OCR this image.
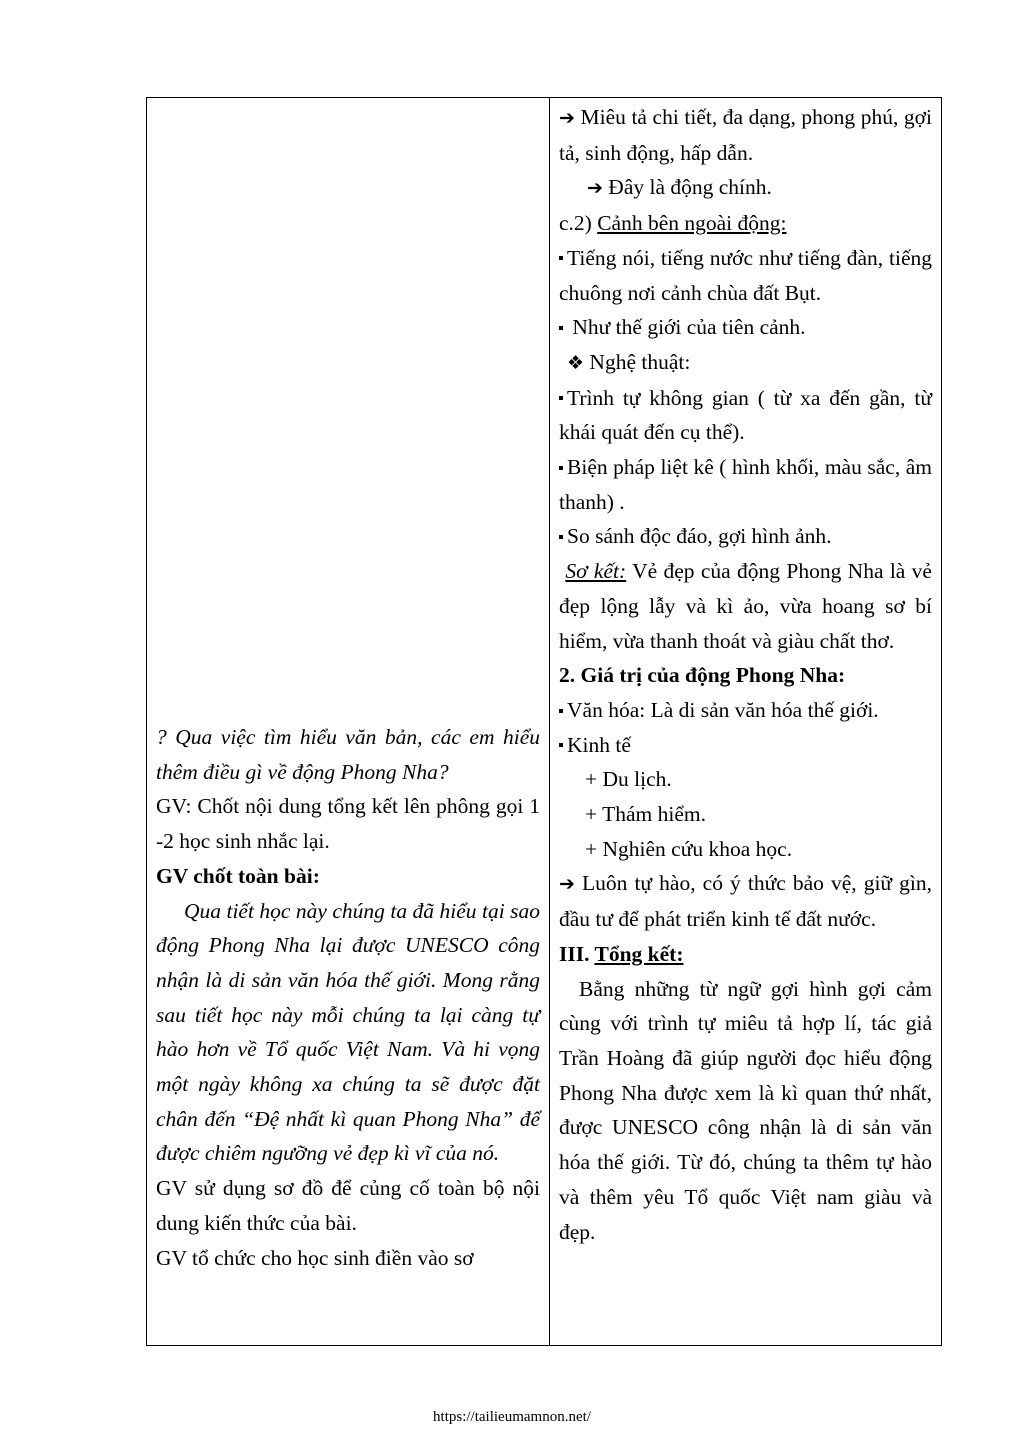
? Qua việc tìm hiểu văn bản, các em hiểu thêm điều gì về động Phong Nha?

GV: Chốt nội dung tổng kết lên phông gọi 1 -2 học sinh nhắc lại.

GV chốt toàn bài:

Qua tiết học này chúng ta đã hiểu tại sao động Phong Nha lại được UNESCO công nhận là di sản văn hóa thế giới. Mong rằng sau tiết học này mỗi chúng ta lại càng tự hào hơn về Tổ quốc Việt Nam. Và hi vọng một ngày không xa chúng ta sẽ được đặt chân đến “Đệ nhất kì quan Phong Nha” để được chiêm ngưỡng vẻ đẹp kì vĩ của nó.

GV sử dụng sơ đồ để củng cố toàn bộ nội dung kiến thức của bài.

GV tổ chức cho học sinh điền vào sơ

➔ Miêu tả chi tiết, đa dạng, phong phú, gợi tả, sinh động, hấp dẫn.

➔ Đây là động chính.

c.2) Cảnh bên ngoài động:

Tiếng nói, tiếng nước như tiếng đàn, tiếng chuông nơi cảnh chùa đất Bụt.

Như thế giới của tiên cảnh.

❖ Nghệ thuật:

Trình tự không gian ( từ xa đến gần, từ khái quát đến cụ thể).

Biện pháp liệt kê ( hình khối, màu sắc, âm thanh) .

So sánh độc đáo, gợi hình ảnh.

Sơ kết: Vẻ đẹp của động Phong Nha là vẻ đẹp lộng lẫy và kì ảo, vừa hoang sơ bí hiểm, vừa thanh thoát và giàu chất thơ.

2. Giá trị của động Phong Nha:

Văn hóa: Là di sản văn hóa thế giới.

Kinh tế

+ Du lịch.

+ Thám hiểm.

+ Nghiên cứu khoa học.

➔ Luôn tự hào, có ý thức bảo vệ, giữ gìn, đầu tư để phát triển kinh tế đất nước.

III. Tổng kết:

Bằng những từ ngữ gợi hình gợi cảm cùng với trình tự miêu tả hợp lí, tác giả Trần Hoàng đã giúp người đọc hiểu động Phong Nha được xem là kì quan thứ nhất, được UNESCO công nhận là di sản văn hóa thế giới. Từ đó, chúng ta thêm tự hào và thêm yêu Tổ quốc Việt nam giàu và đẹp.

https://tailieumamnon.net/
